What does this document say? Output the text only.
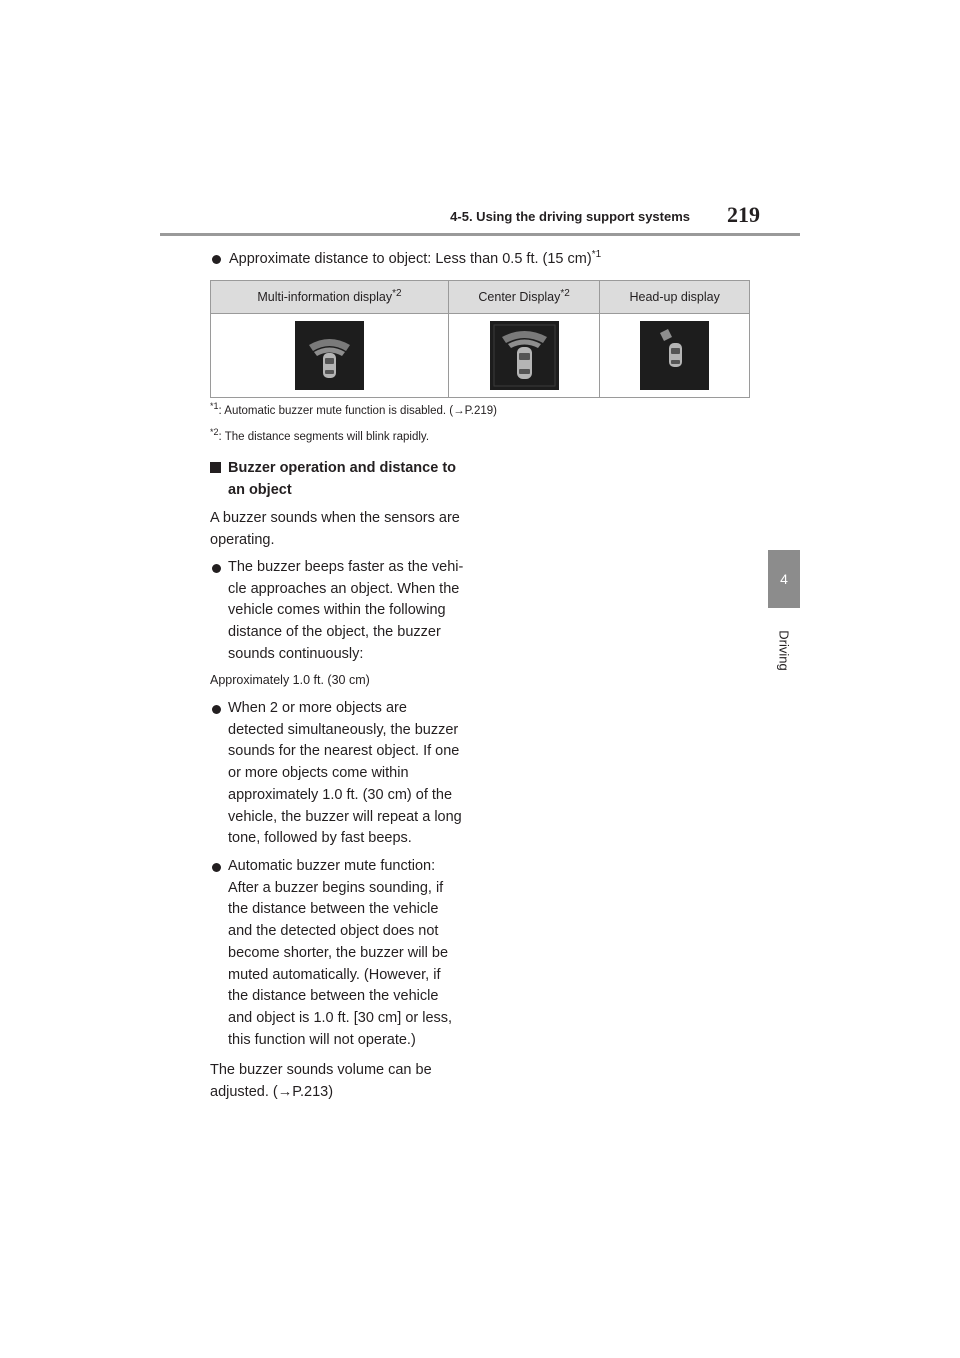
4-5. Using the driving support systems	219
4
Driving
Approximate distance to object: Less than 0.5 ft. (15 cm)$^{*1}$
Multi-information display$^{*2}$	Center Display$^{*2}$	Head-up display

$^{*1}$: Automatic buzzer mute function is disabled. (→P.219)
$^{*2}$: The distance segments will blink rapidly.
Buzzer operation and distance to
an object
A buzzer sounds when the sensors are
operating.
The buzzer beeps faster as the vehi-
cle approaches an object. When the
vehicle comes within the following
distance of the object, the buzzer
sounds continuously:
Approximately 1.0 ft. (30 cm)
When 2 or more objects are
detected simultaneously, the buzzer
sounds for the nearest object. If one
or more objects come within
approximately 1.0 ft. (30 cm) of the
vehicle, the buzzer will repeat a long
tone, followed by fast beeps.
Automatic buzzer mute function:
After a buzzer begins sounding, if
the distance between the vehicle
and the detected object does not
become shorter, the buzzer will be
muted automatically. (However, if
the distance between the vehicle
and object is 1.0 ft. [30 cm] or less,
this function will not operate.)
The buzzer sounds volume can be
adjusted. (→P.213)
